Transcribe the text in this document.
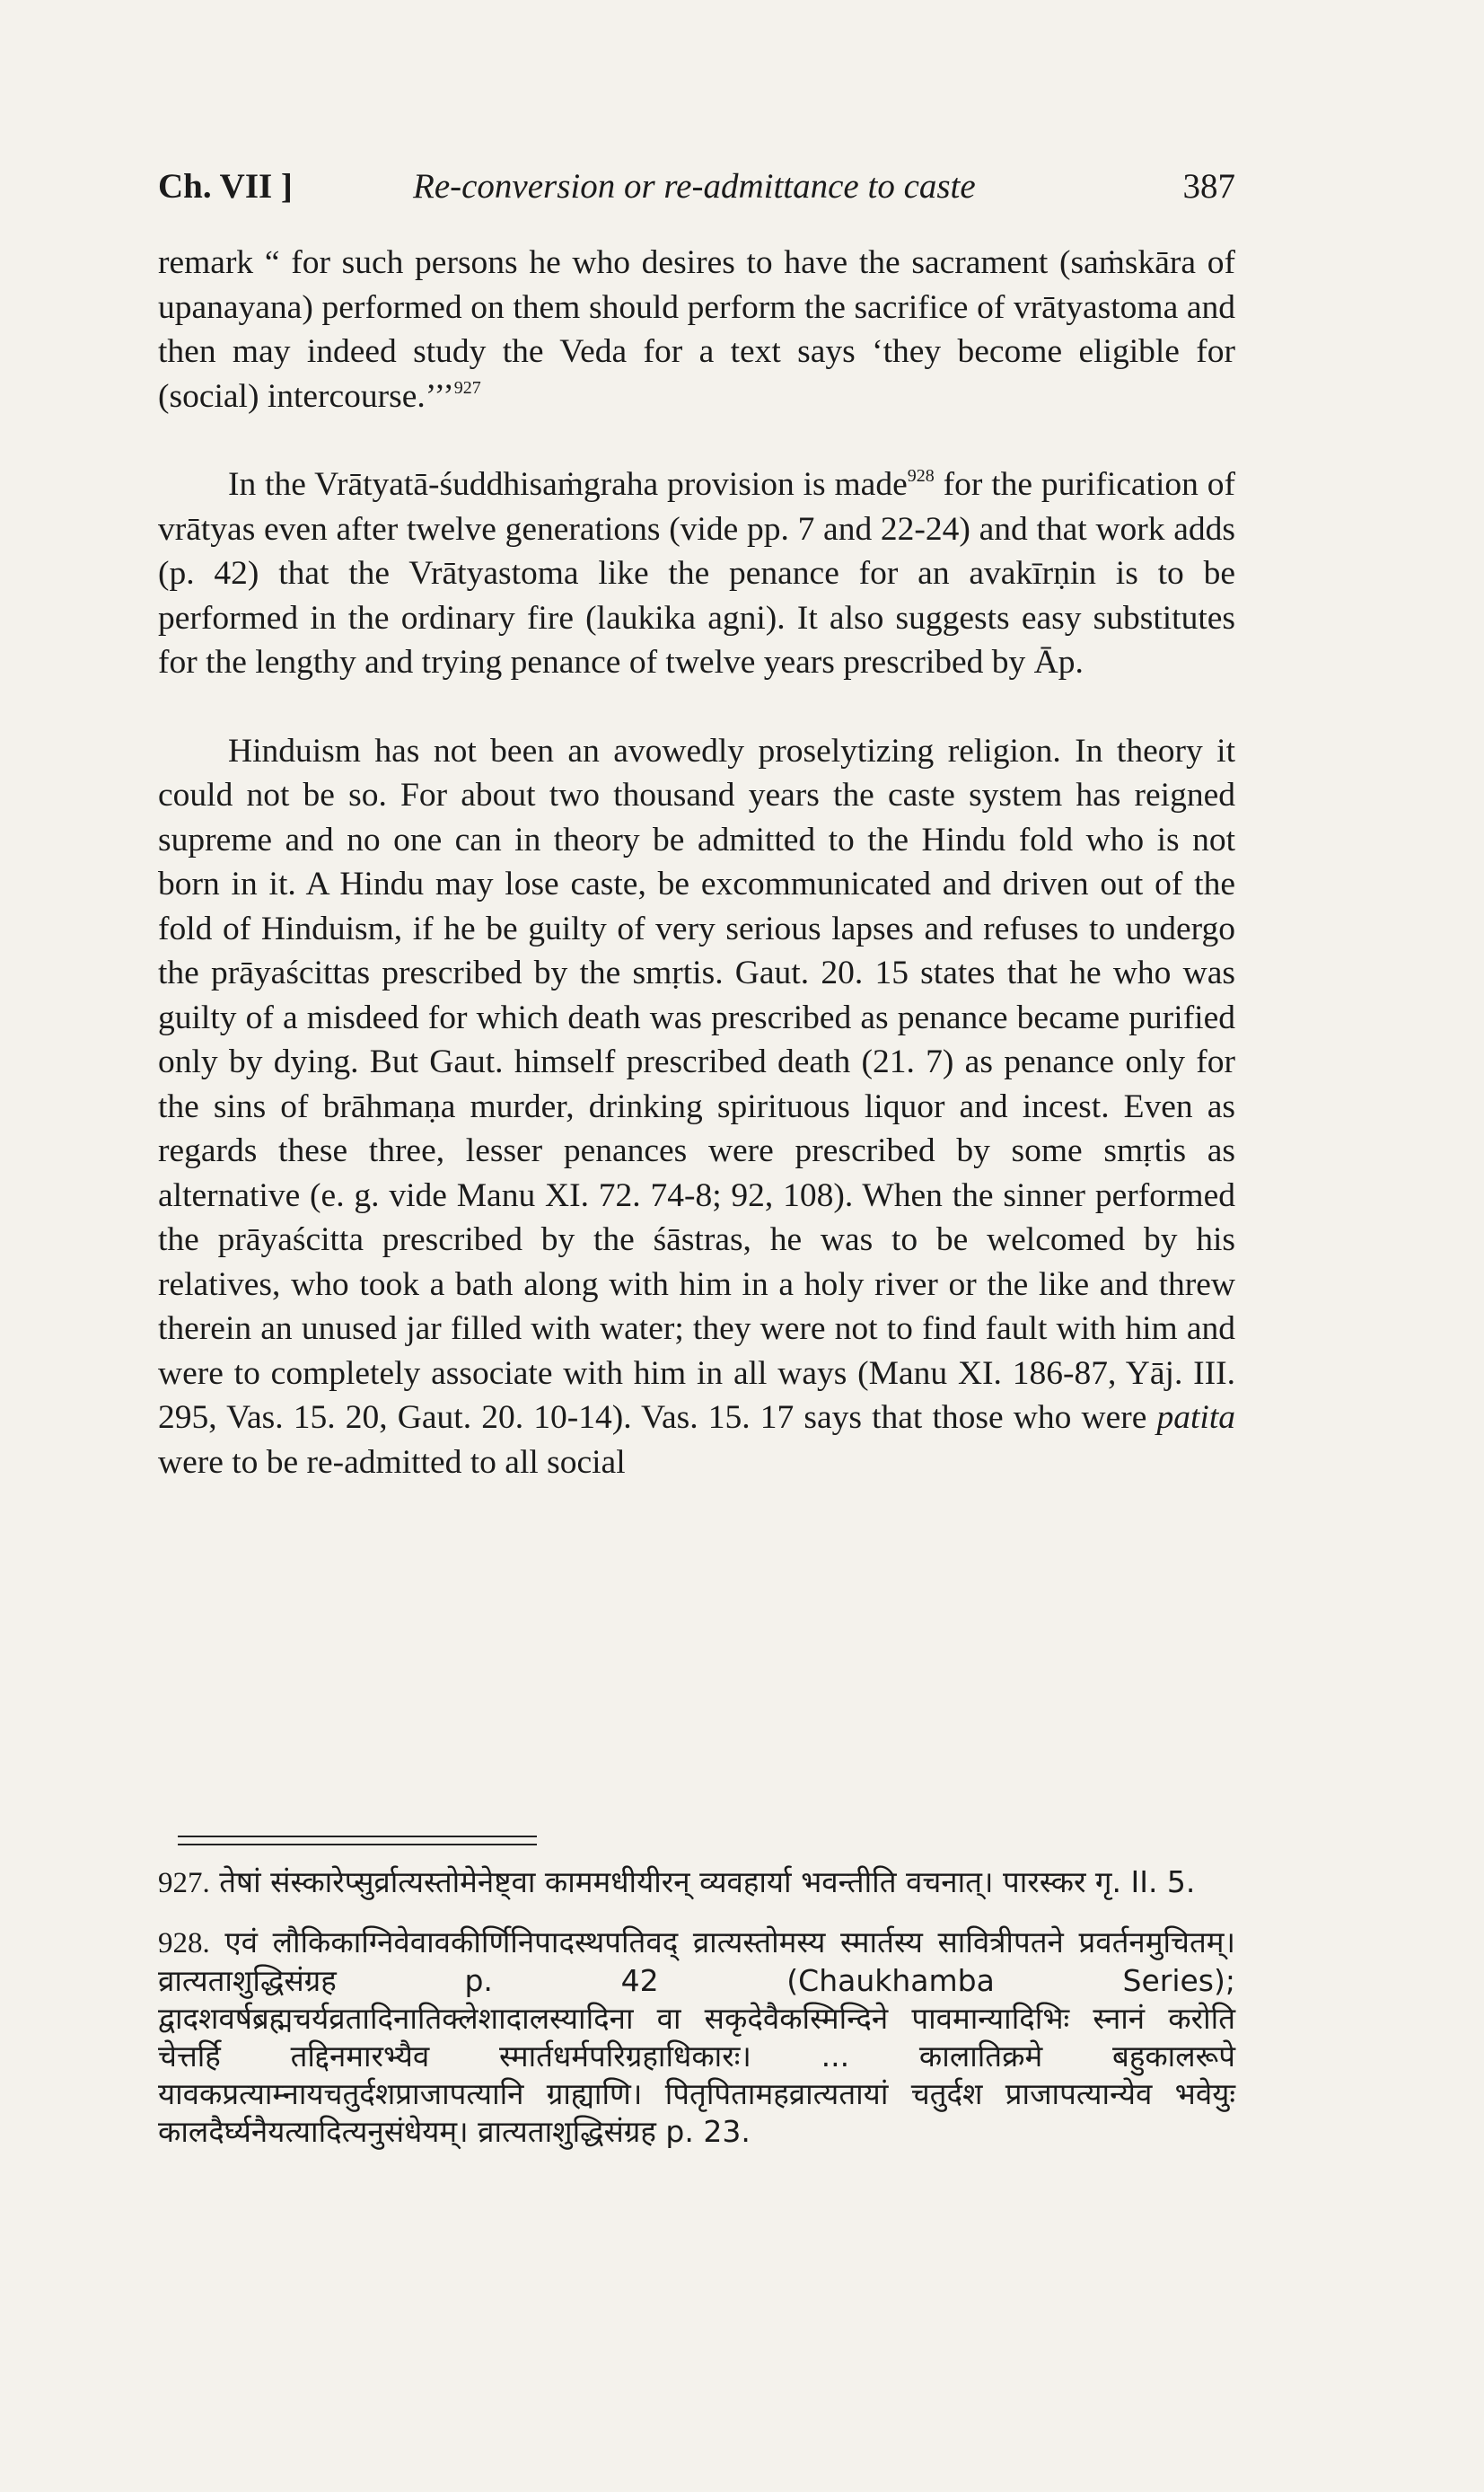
Ch. VII ]	Re-conversion or re-admittance to caste	387

remark “ for such persons he who desires to have the sacrament (saṁskāra of upanayana) performed on them should perform the sacrifice of vrātyastoma and then may indeed study the Veda for a text says ‘they become eligible for (social) intercourse.’’’$^{927}$

In the Vrātyatā-śuddhisaṁgraha provision is made$^{928}$ for the purification of vrātyas even after twelve generations (vide pp. 7 and 22-24) and that work adds (p. 42) that the Vrātyastoma like the penance for an avakīrṇin is to be performed in the ordinary fire (laukika agni). It also suggests easy substitutes for the lengthy and trying penance of twelve years prescribed by Āp.

Hinduism has not been an avowedly proselytizing religion. In theory it could not be so. For about two thousand years the caste system has reigned supreme and no one can in theory be admitted to the Hindu fold who is not born in it. A Hindu may lose caste, be excommunicated and driven out of the fold of Hinduism, if he be guilty of very serious lapses and refuses to undergo the prāyaścittas prescribed by the smṛtis. Gaut. 20. 15 states that he who was guilty of a misdeed for which death was prescribed as penance became purified only by dying. But Gaut. himself prescribed death (21. 7) as penance only for the sins of brāhmaṇa murder, drinking spirituous liquor and incest. Even as regards these three, lesser penances were prescribed by some smṛtis as alternative (e. g. vide Manu XI. 72. 74-8; 92, 108). When the sinner performed the prāyaścitta prescribed by the śāstras, he was to be welcomed by his relatives, who took a bath along with him in a holy river or the like and threw therein an unused jar filled with water; they were not to find fault with him and were to completely associate with him in all ways (Manu XI. 186-87, Yāj. III. 295, Vas. 15. 20, Gaut. 20. 10-14). Vas. 15. 17 says that those who were patita were to be re-admitted to all social

927. तेषां संस्कारेप्सुर्व्रात्यस्तोमेनेष्ट्वा काममधीयीरन् व्यवहार्या भवन्तीति वचनात्। पारस्कर गृ. II. 5.

928. एवं लौकिकाग्निवेवावकीर्णिनिपादस्थपतिवद् व्रात्यस्तोमस्य स्मार्तस्य सावित्रीपतने प्रवर्तनमुचितम्। व्रात्यताशुद्धिसंग्रह p. 42 (Chaukhamba Series); द्वादशवर्षब्रह्मचर्यव्रतादिनातिक्लेशादालस्यादिना वा सकृदेवैकस्मिन्दिने पावमान्यादिभिः स्नानं करोति चेत्तर्हि तद्दिनमारभ्यैव स्मार्तधर्मपरिग्रहाधिकारः। ... कालातिक्रमे बहुकालरूपे यावकप्रत्याम्नायचतुर्दशप्राजापत्यानि ग्राह्याणि। पितृपितामहव्रात्यतायां चतुर्दश प्राजापत्यान्येव भवेयुः कालदैर्घ्यनैयत्यादित्यनुसंधेयम्। व्रात्यताशुद्धिसंग्रह p. 23.
